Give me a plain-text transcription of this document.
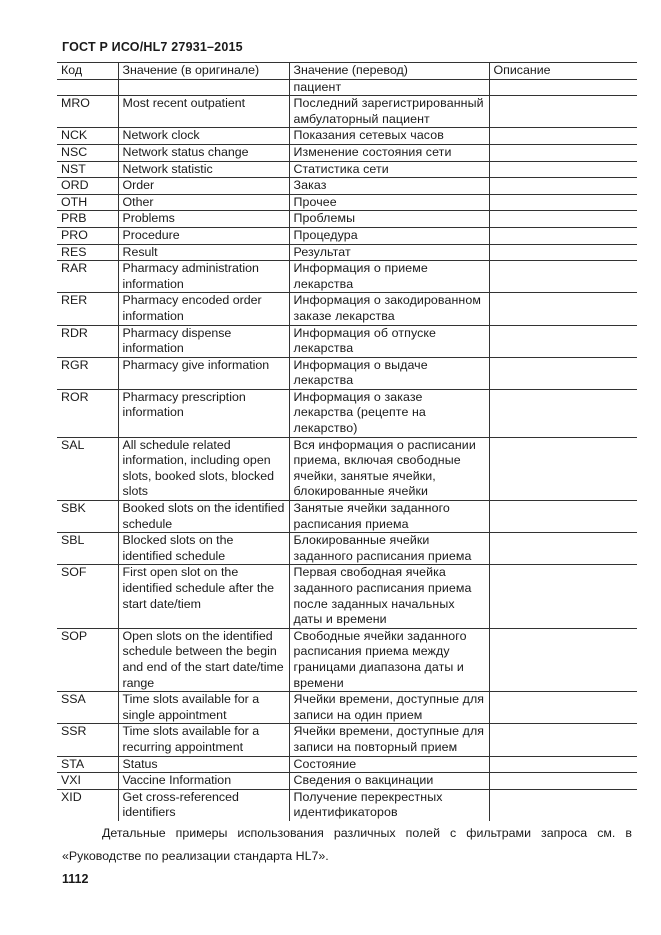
ГОСТ Р ИСО/HL7 27931–2015
Код	Значение (в оригинале)	Значение (перевод)	Описание
		пациент	
MRO	Most recent outpatient	Последний зарегистрированный амбулаторный пациент	
NCK	Network clock	Показания сетевых часов	
NSC	Network status change	Изменение состояния сети	
NST	Network statistic	Статистика сети	
ORD	Order	Заказ	
OTH	Other	Прочее	
PRB	Problems	Проблемы	
PRO	Procedure	Процедура	
RES	Result	Результат	
RAR	Pharmacy administration information	Информация о приеме лекарства	
RER	Pharmacy encoded order information	Информация о закодированном заказе лекарства	
RDR	Pharmacy dispense information	Информация об отпуске лекарства	
RGR	Pharmacy give information	Информация о выдаче лекарства	
ROR	Pharmacy prescription information	Информация о заказе лекарства (рецепте на лекарство)	
SAL	All schedule related information, including open slots, booked slots, blocked slots	Вся информация о расписании приема, включая свободные ячейки, занятые ячейки, блокированные ячейки	
SBK	Booked slots on the identified schedule	Занятые ячейки заданного расписания приема	
SBL	Blocked slots on the identified schedule	Блокированные ячейки заданного расписания приема	
SOF	First open slot on the identified schedule after the start date/tiem	Первая свободная ячейка заданного расписания приема после заданных начальных даты и времени	
SOP	Open slots on the identified schedule between the begin and end of the start date/time range	Свободные ячейки заданного расписания приема между границами диапазона даты и времени	
SSA	Time slots available for a single appointment	Ячейки времени, доступные для записи на один прием	
SSR	Time slots available for a recurring appointment	Ячейки времени, доступные для записи на повторный прием	
STA	Status	Состояние	
VXI	Vaccine Information	Сведения о вакцинации	
XID	Get cross-referenced identifiers	Получение перекрестных идентификаторов	
Детальные примеры использования различных полей с фильтрами запроса см. в «Руководстве по реализации стандарта HL7».
1112
